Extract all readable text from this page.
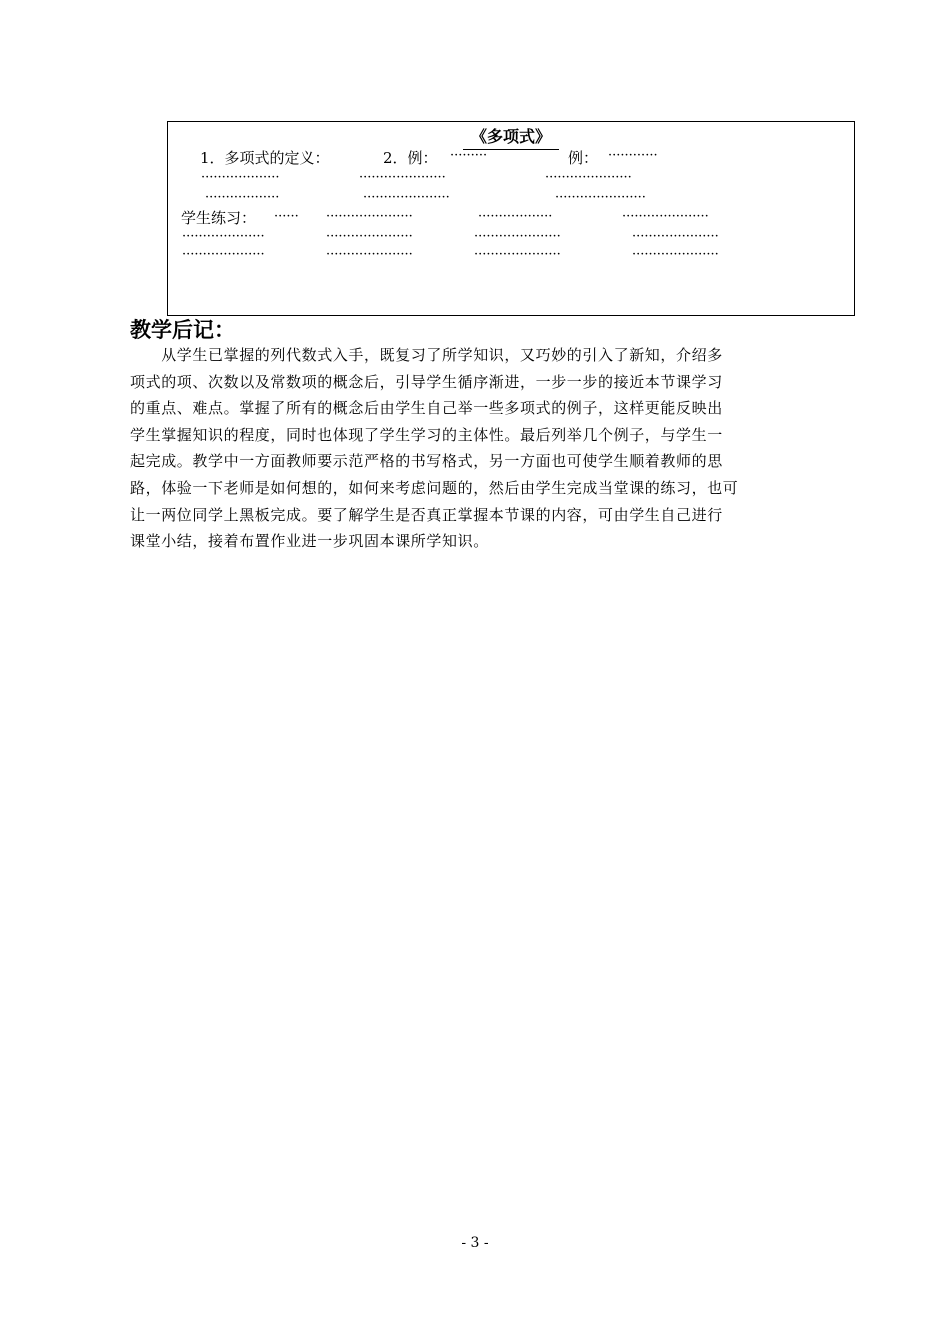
《多项式》
1．多项式的定义：	2．例： ·········	例： ············
···················	·····················	·····················
··················	·····················	······················
学生练习： ······ ·····················	··················	·····················
····················	·····················	·····················	·····················
····················	·····················	·····················	·····················
教学后记：
　　从学生已掌握的列代数式入手，既复习了所学知识，又巧妙的引入了新知，介绍多
项式的项、次数以及常数项的概念后，引导学生循序渐进，一步一步的接近本节课学习
的重点、难点。掌握了所有的概念后由学生自己举一些多项式的例子，这样更能反映出
学生掌握知识的程度，同时也体现了学生学习的主体性。最后列举几个例子，与学生一
起完成。教学中一方面教师要示范严格的书写格式，另一方面也可使学生顺着教师的思
路，体验一下老师是如何想的，如何来考虑问题的，然后由学生完成当堂课的练习，也可
让一两位同学上黑板完成。要了解学生是否真正掌握本节课的内容，可由学生自己进行
课堂小结，接着布置作业进一步巩固本课所学知识。
- 3 -
